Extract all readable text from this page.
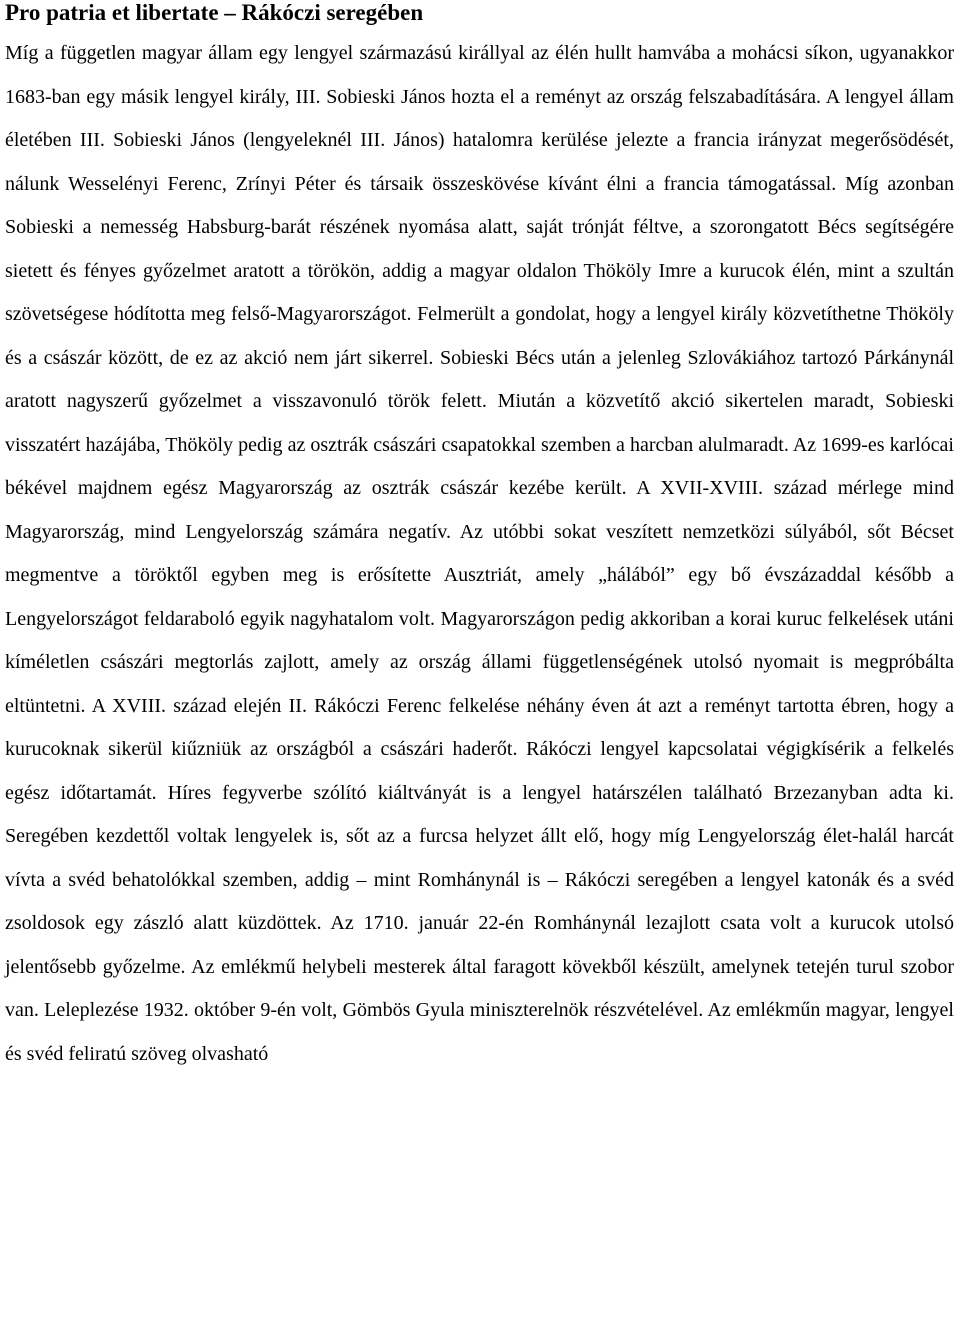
Pro patria et libertate – Rákóczi seregében

Míg a független magyar állam egy lengyel származású királlyal az élén hullt hamvába a mohácsi síkon, ugyanakkor 1683-ban egy másik lengyel király, III. Sobieski János hozta el a reményt az ország felszabadítására. A lengyel állam életében III. Sobieski János (lengyeleknél III. János) hatalomra kerülése jelezte a francia irányzat megerősödését, nálunk Wesselényi Ferenc, Zrínyi Péter és társaik összeskövése kívánt élni a francia támogatással. Míg azonban Sobieski a nemesség Habsburg-barát részének nyomása alatt, saját trónját féltve, a szorongatott Bécs segítségére sietett és fényes győzelmet aratott a törökön, addig a magyar oldalon Thököly Imre a kurucok élén, mint a szultán szövetségese hódította meg felső-Magyarországot. Felmerült a gondolat, hogy a lengyel király közvetíthetne Thököly és a császár között, de ez az akció nem járt sikerrel. Sobieski Bécs után a jelenleg Szlovákiához tartozó Párkánynál aratott nagyszerű győzelmet a visszavonuló török felett. Miután a közvetítő akció sikertelen maradt, Sobieski visszatért hazájába, Thököly pedig az osztrák császári csapatokkal szemben a harcban alulmaradt. Az 1699-es karlócai békével majdnem egész Magyarország az osztrák császár kezébe került. A XVII-XVIII. század mérlege mind Magyarország, mind Lengyelország számára negatív. Az utóbbi sokat veszített nemzetközi súlyából, sőt Bécset megmentve a töröktől egyben meg is erősítette Ausztriát, amely „hálából” egy bő évszázaddal később a Lengyelországot feldaraboló egyik nagyhatalom volt. Magyarországon pedig akkoriban a korai kuruc felkelések utáni kíméletlen császári megtorlás zajlott, amely az ország állami függetlenségének utolsó nyomait is megpróbálta eltüntetni. A XVIII. század elején II. Rákóczi Ferenc felkelése néhány éven át azt a reményt tartotta ébren, hogy a kurucoknak sikerül kiűzniük az országból a császári haderőt. Rákóczi lengyel kapcsolatai végigkísérik a felkelés egész időtartamát. Híres fegyverbe szólító kiáltványát is a lengyel határszélen található Brzezanyban adta ki. Seregében kezdettől voltak lengyelek is, sőt az a furcsa helyzet állt elő, hogy míg Lengyelország élet-halál harcát vívta a svéd behatolókkal szemben, addig – mint Romhánynál is – Rákóczi seregében a lengyel katonák és a svéd zsoldosok egy zászló alatt küzdöttek. Az 1710. január 22-én Romhánynál lezajlott csata volt a kurucok utolsó jelentősebb győzelme. Az emlékmű helybeli mesterek által faragott kövekből készült, amelynek tetején turul szobor van. Leleplezése 1932. október 9-én volt, Gömbös Gyula miniszterelnök részvételével. Az emlékműn magyar, lengyel és svéd feliratú szöveg olvasható
